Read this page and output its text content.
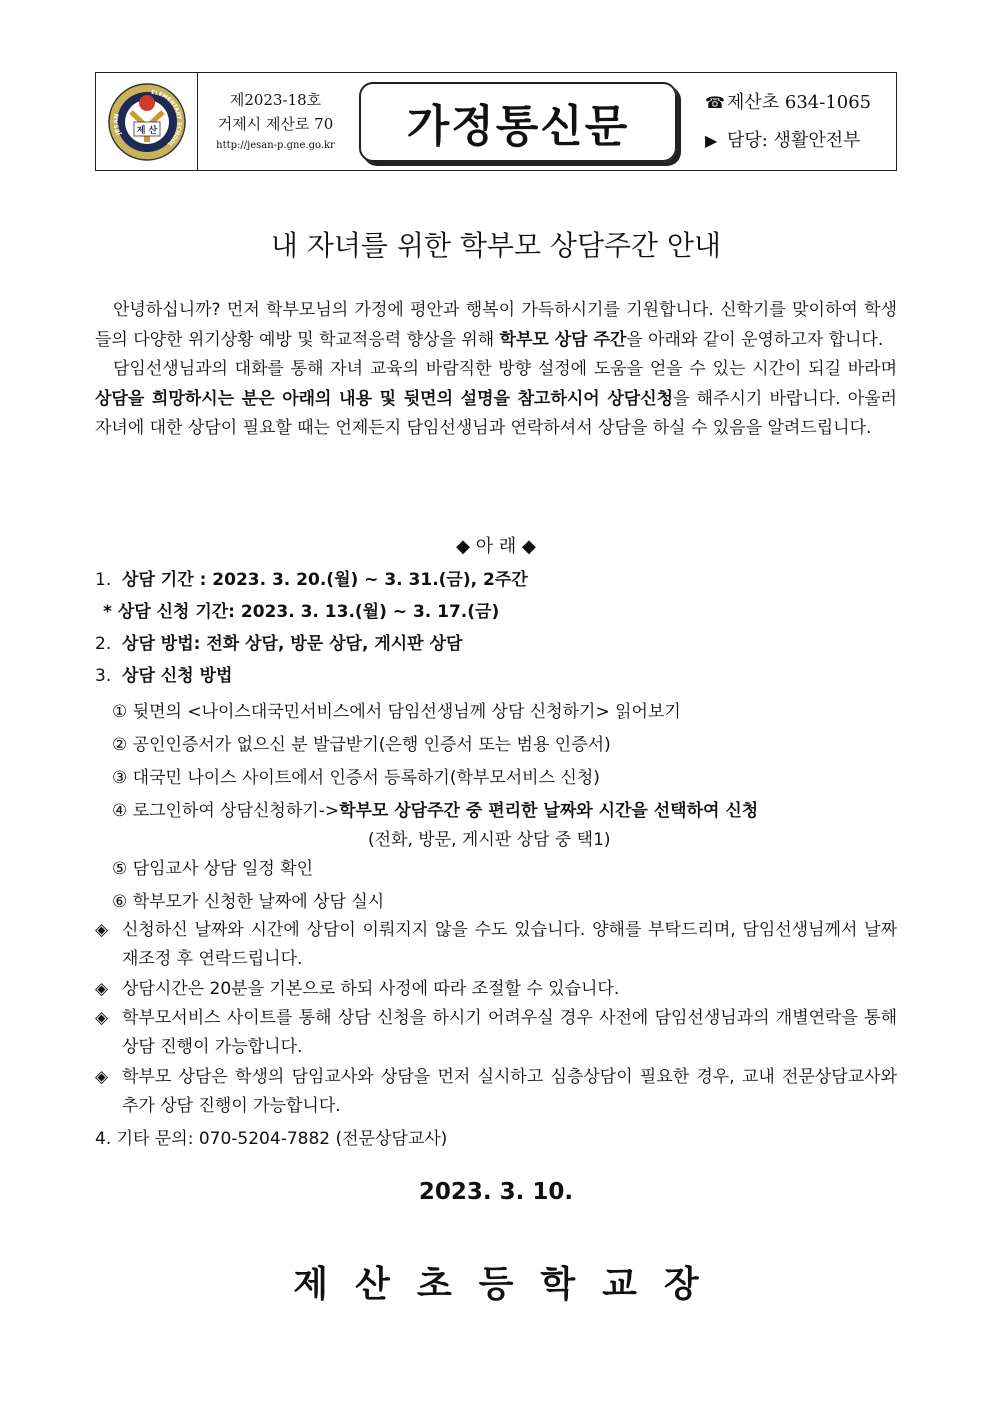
제 산
JESAN
ELEMENTARY SCHOOL
제2023-18호
거제시 제산로 70
http://jesan-p.gne.go.kr	가정통신문	☎ 제산초 634-1065
▶ 담당: 생활안전부
내 자녀를 위한 학부모 상담주간 안내

안녕하십니까? 먼저 학부모님의 가정에 평안과 행복이 가득하시기를 기원합니다. 신학기를 맞이하여 학생들의 다양한 위기상황 예방 및 학교적응력 향상을 위해 학부모 상담 주간을 아래와 같이 운영하고자 합니다.

담임선생님과의 대화를 통해 자녀 교육의 바람직한 방향 설정에 도움을 얻을 수 있는 시간이 되길 바라며 상담을 희망하시는 분은 아래의 내용 및 뒷면의 설명을 참고하시어 상담신청을 해주시기 바랍니다. 아울러 자녀에 대한 상담이 필요할 때는 언제든지 담임선생님과 연락하셔서 상담을 하실 수 있음을 알려드립니다.

◆ 아 래 ◆
1. 상담 기간 : 2023. 3. 20.(월) ~ 3. 31.(금), 2주간
* 상담 신청 기간: 2023. 3. 13.(월) ~ 3. 17.(금)
2. 상담 방법: 전화 상담, 방문 상담, 게시판 상담
3. 상담 신청 방법
① 뒷면의 <나이스대국민서비스에서 담임선생님께 상담 신청하기> 읽어보기
② 공인인증서가 없으신 분 발급받기(은행 인증서 또는 범용 인증서)
③ 대국민 나이스 사이트에서 인증서 등록하기(학부모서비스 신청)
④ 로그인하여 상담신청하기->학부모 상담주간 중 편리한 날짜와 시간을 선택하여 신청
(전화, 방문, 게시판 상담 중 택1)
⑤ 담임교사 상담 일정 확인
⑥ 학부모가 신청한 날짜에 상담 실시
◈ 신청하신 날짜와 시간에 상담이 이뤄지지 않을 수도 있습니다. 양해를 부탁드리며, 담임선생님께서 날짜 재조정 후 연락드립니다.
◈ 상담시간은 20분을 기본으로 하되 사정에 따라 조절할 수 있습니다.
◈ 학부모서비스 사이트를 통해 상담 신청을 하시기 어려우실 경우 사전에 담임선생님과의 개별연락을 통해 상담 진행이 가능합니다.
◈ 학부모 상담은 학생의 담임교사와 상담을 먼저 실시하고 심층상담이 필요한 경우, 교내 전문상담교사와 추가 상담 진행이 가능합니다.
4. 기타 문의: 070-5204-7882 (전문상담교사)
2023. 3. 10.
제산초등학교장
